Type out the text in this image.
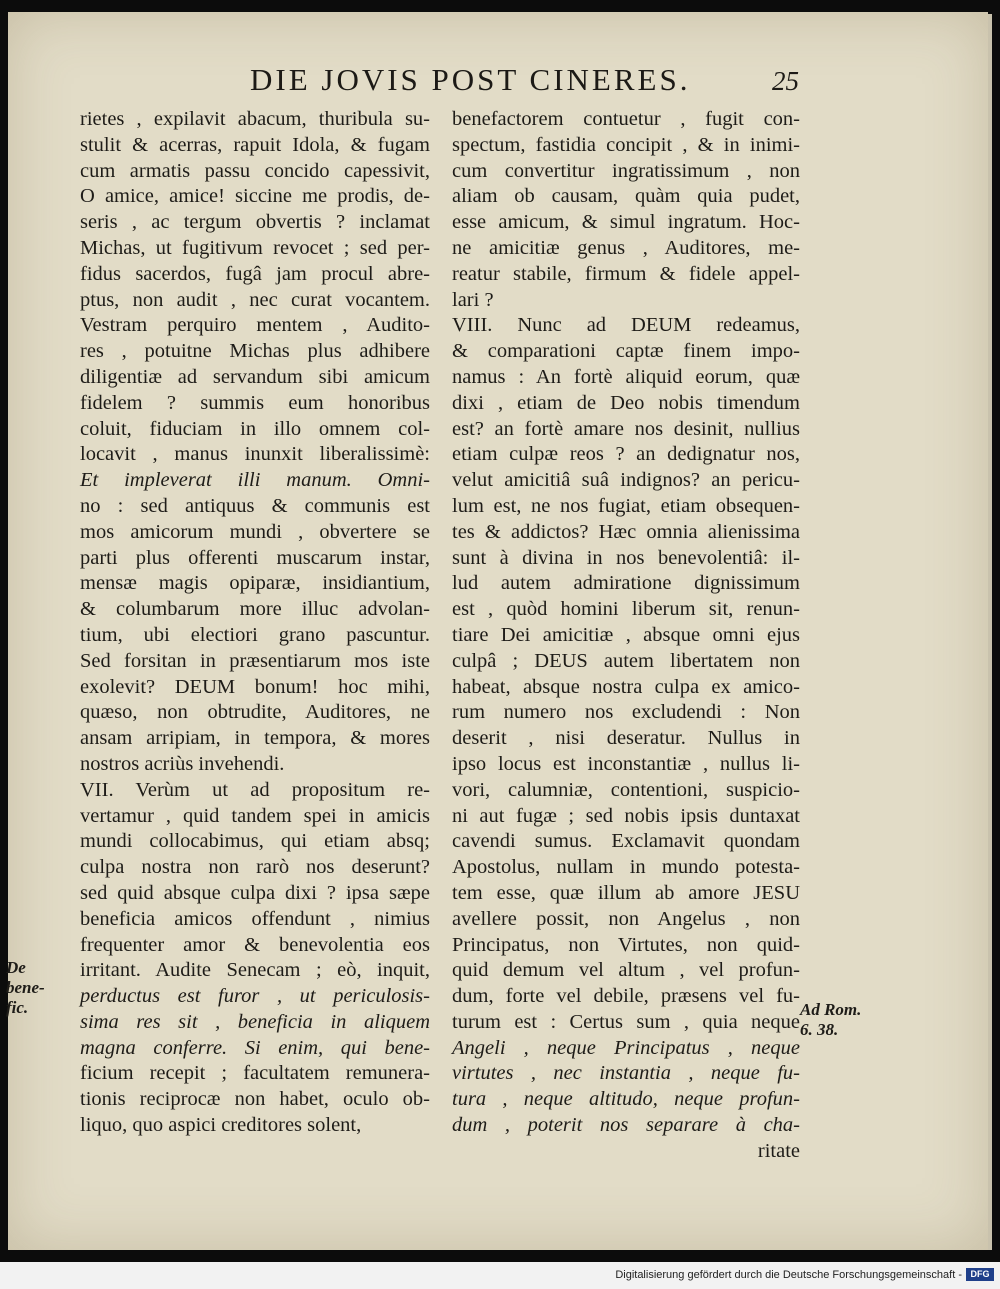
DIE JOVIS POST CINERES.	25
rietes , expilavit abacum, thuribula su-
stulit & acerras, rapuit Idola, & fugam
cum armatis passu concido capessivit,
O amice, amice! siccine me prodis, de-
seris , ac tergum obvertis ? inclamat
Michas, ut fugitivum revocet ; sed per-
fidus sacerdos, fugâ jam procul abre-
ptus, non audit , nec curat vocantem.
Vestram perquiro mentem , Audito-
res , potuitne Michas plus adhibere
diligentiæ ad servandum sibi amicum
fidelem ? summis eum honoribus
coluit, fiduciam in illo omnem col-
locavit , manus inunxit liberalissimè:
Et impleverat illi manum. Omni-
no : sed antiquus & communis est
mos amicorum mundi , obvertere se
parti plus offerenti muscarum instar,
mensæ magis opiparæ, insidiantium,
& columbarum more illuc advolan-
tium, ubi electiori grano pascuntur.
Sed forsitan in præsentiarum mos iste
exolevit? DEUM bonum! hoc mihi,
quæso, non obtrudite, Auditores, ne
ansam arripiam, in tempora, & mores
nostros acriùs invehendi.
VII. Verùm ut ad propositum re-
vertamur , quid tandem spei in amicis
mundi collocabimus, qui etiam absq;
culpa nostra non rarò nos deserunt?
sed quid absque culpa dixi ? ipsa sæpe
beneficia amicos offendunt , nimius
frequenter amor & benevolentia eos
irritant. Audite Senecam ; eò, inquit,
perductus est furor , ut periculosis-
sima res sit , beneficia in aliquem
magna conferre. Si enim, qui bene-
ficium recepit ; facultatem remunera-
tionis reciprocæ non habet, oculo ob-
liquo, quo aspici creditores solent,
benefactorem contuetur , fugit con-
spectum, fastidia concipit , & in inimi-
cum convertitur ingratissimum , non
aliam ob causam, quàm quia pudet,
esse amicum, & simul ingratum. Hoc-
ne amicitiæ genus , Auditores, me-
reatur stabile, firmum & fidele appel-
lari ?
VIII. Nunc ad DEUM redeamus,
& comparationi captæ finem impo-
namus : An fortè aliquid eorum, quæ
dixi , etiam de Deo nobis timendum
est? an fortè amare nos desinit, nullius
etiam culpæ reos ? an dedignatur nos,
velut amicitiâ suâ indignos? an pericu-
lum est, ne nos fugiat, etiam obsequen-
tes & addictos? Hæc omnia alienissima
sunt à divina in nos benevolentiâ: il-
lud autem admiratione dignissimum
est , quòd homini liberum sit, renun-
tiare Dei amicitiæ , absque omni ejus
culpâ ; DEUS autem libertatem non
habeat, absque nostra culpa ex amico-
rum numero nos excludendi : Non
deserit , nisi deseratur. Nullus in
ipso locus est inconstantiæ , nullus li-
vori, calumniæ, contentioni, suspicio-
ni aut fugæ ; sed nobis ipsis duntaxat
cavendi sumus. Exclamavit quondam
Apostolus, nullam in mundo potesta-
tem esse, quæ illum ab amore JESU
avellere possit, non Angelus , non
Principatus, non Virtutes, non quid-
quid demum vel altum , vel profun-
dum, forte vel debile, præsens vel fu-
turum est : Certus sum , quia neque
Angeli , neque Principatus , neque
virtutes , nec instantia , neque fu-
tura , neque altitudo, neque profun-
dum , poterit nos separare à cha-
ritate
De bene-
fic.	Ad Rom.
6. 38.
Digitalisierung gefördert durch die Deutsche Forschungsgemeinschaft - DFG
